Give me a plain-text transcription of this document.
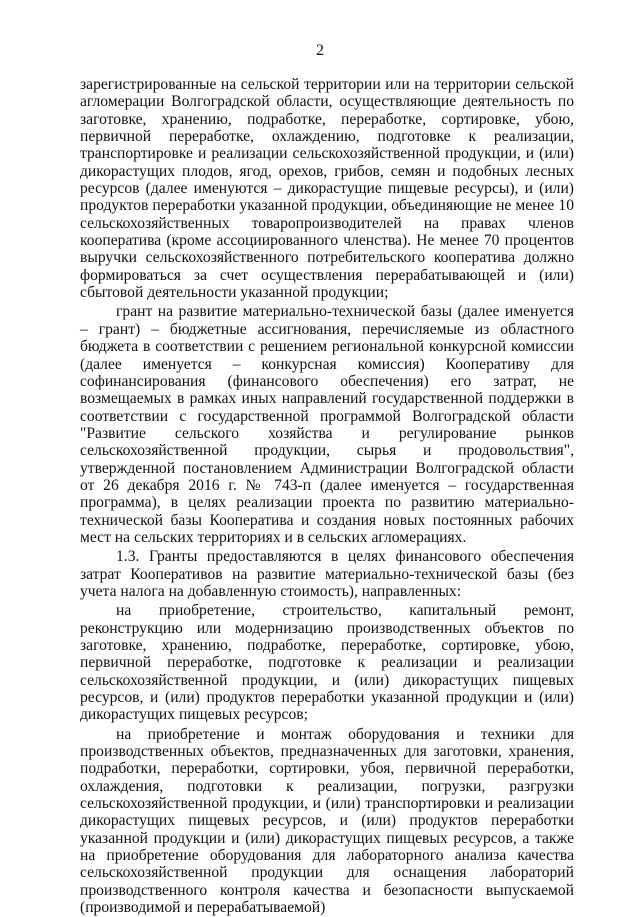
2

зарегистрированные на сельской территории или на территории сельской агломерации Волгоградской области, осуществляющие деятельность по заготовке, хранению, подработке, переработке, сортировке, убою, первичной переработке, охлаждению, подготовке к реализации, транспортировке и реализации сельскохозяйственной продукции, и (или) дикорастущих плодов, ягод, орехов, грибов, семян и подобных лесных ресурсов (далее именуются – дикорастущие пищевые ресурсы), и (или) продуктов переработки указанной продукции, объединяющие не менее 10 сельскохозяйственных товаропроизводителей на правах членов кооператива (кроме ассоциированного членства). Не менее 70 процентов выручки сельскохозяйственного потребительского кооператива должно формироваться за счет осуществления перерабатывающей и (или) сбытовой деятельности указанной продукции;

грант на развитие материально-технической базы (далее именуется – грант) – бюджетные ассигнования, перечисляемые из областного бюджета в соответствии с решением региональной конкурсной комиссии (далее именуется – конкурсная комиссия) Кооперативу для софинансирования (финансового обеспечения) его затрат, не возмещаемых в рамках иных направлений государственной поддержки в соответствии с государственной программой Волгоградской области "Развитие сельского хозяйства и регулирование рынков сельскохозяйственной продукции, сырья и продовольствия", утвержденной постановлением Администрации Волгоградской области от 26 декабря 2016 г. № 743-п (далее именуется – государственная программа), в целях реализации проекта по развитию материально-технической базы Кооператива и создания новых постоянных рабочих мест на сельских территориях и в сельских агломерациях.

1.3. Гранты предоставляются в целях финансового обеспечения затрат Кооперативов на развитие материально-технической базы (без учета налога на добавленную стоимость), направленных:

на приобретение, строительство, капитальный ремонт, реконструкцию или модернизацию производственных объектов по заготовке, хранению, подработке, переработке, сортировке, убою, первичной переработке, подготовке к реализации и реализации сельскохозяйственной продукции, и (или) дикорастущих пищевых ресурсов, и (или) продуктов переработки указанной продукции и (или) дикорастущих пищевых ресурсов;

на приобретение и монтаж оборудования и техники для производственных объектов, предназначенных для заготовки, хранения, подработки, переработки, сортировки, убоя, первичной переработки, охлаждения, подготовки к реализации, погрузки, разгрузки сельскохозяйственной продукции, и (или) транспортировки и реализации дикорастущих пищевых ресурсов, и (или) продуктов переработки указанной продукции и (или) дикорастущих пищевых ресурсов, а также на приобретение оборудования для лабораторного анализа качества сельскохозяйственной продукции для оснащения лабораторий производственного контроля качества и безопасности выпускаемой (производимой и перерабатываемой)
